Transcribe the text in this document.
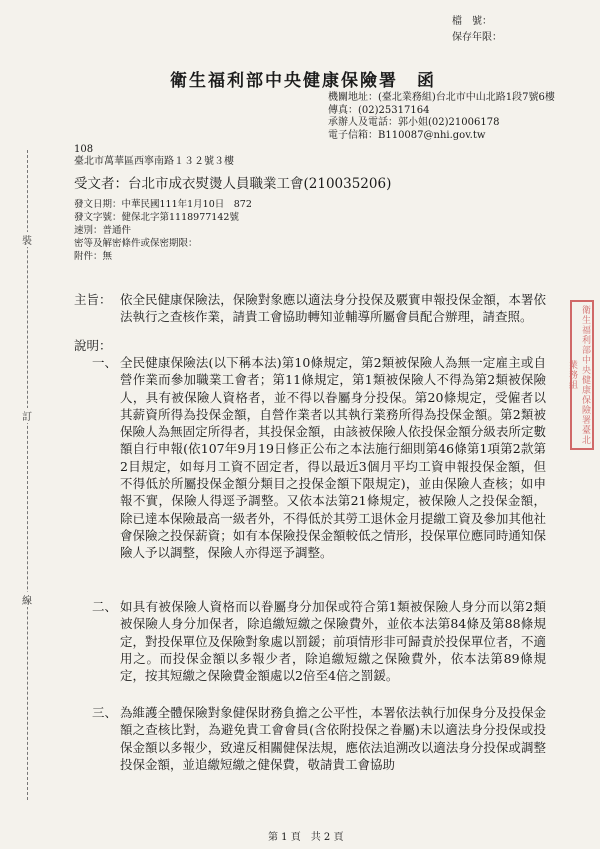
檔　號：
保存年限：
衛生福利部中央健康保險署　函
機關地址：(臺北業務組)台北市中山北路1段7號6樓
傳真：(02)25317164
承辦人及電話：郭小姐(02)21006178
電子信箱：B110087@nhi.gov.tw
108
臺北市萬華區西寧南路１３２號３樓
受文者：台北市成衣熨燙人員職業工會(210035206)
發文日期：中華民國111年1月10日　872
發文字號：健保北字第1118977142號
速別：普通件
密等及解密條件或保密期限：
附件：無
主旨： 依全民健康保險法，保險對象應以適法身分投保及覈實申報投保金額，本署依法執行之查核作業，請貴工會協助轉知並輔導所屬會員配合辦理，請查照。
說明：
一、 全民健康保險法(以下稱本法)第10條規定，第2類被保險人為無一定雇主或自營作業而參加職業工會者；第11條規定，第1類被保險人不得為第2類被保險人，具有被保險人資格者，並不得以眷屬身分投保。第20條規定，受僱者以其薪資所得為投保金額，自營作業者以其執行業務所得為投保金額。第2類被保險人為無固定所得者，其投保金額，由該被保險人依投保金額分級表所定數額自行申報(依107年9月19日修正公布之本法施行細則第46條第1項第2款第2目規定，如每月工資不固定者，得以最近3個月平均工資申報投保金額，但不得低於所屬投保金額分類目之投保金額下限規定)，並由保險人查核；如申報不實，保險人得逕予調整。又依本法第21條規定，被保險人之投保金額，除已達本保險最高一級者外，不得低於其勞工退休金月提繳工資及參加其他社會保險之投保薪資；如有本保險投保金額較低之情形，投保單位應同時通知保險人予以調整，保險人亦得逕予調整。
二、 如具有被保險人資格而以眷屬身分加保或符合第1類被保險人身分而以第2類被保險人身分加保者，除追繳短繳之保險費外，並依本法第84條及第88條規定，對投保單位及保險對象處以罰鍰；前項情形非可歸責於投保單位者，不適用之。而投保金額以多報少者，除追繳短繳之保險費外，依本法第89條規定，按其短繳之保險費金額處以2倍至4倍之罰鍰。
三、 為維護全體保險對象健保財務負擔之公平性，本署依法執行加保身分及投保金額之查核比對，為避免貴工會會員(含依附投保之眷屬)未以適法身分投保或投保金額以多報少，致違反相關健保法規，應依法追溯改以適法身分投保或調整投保金額，並追繳短繳之健保費，敬請貴工會協助
裝
訂
線
衛生福利部中央健康保險署臺北業務組
第 1 頁　共 2 頁
